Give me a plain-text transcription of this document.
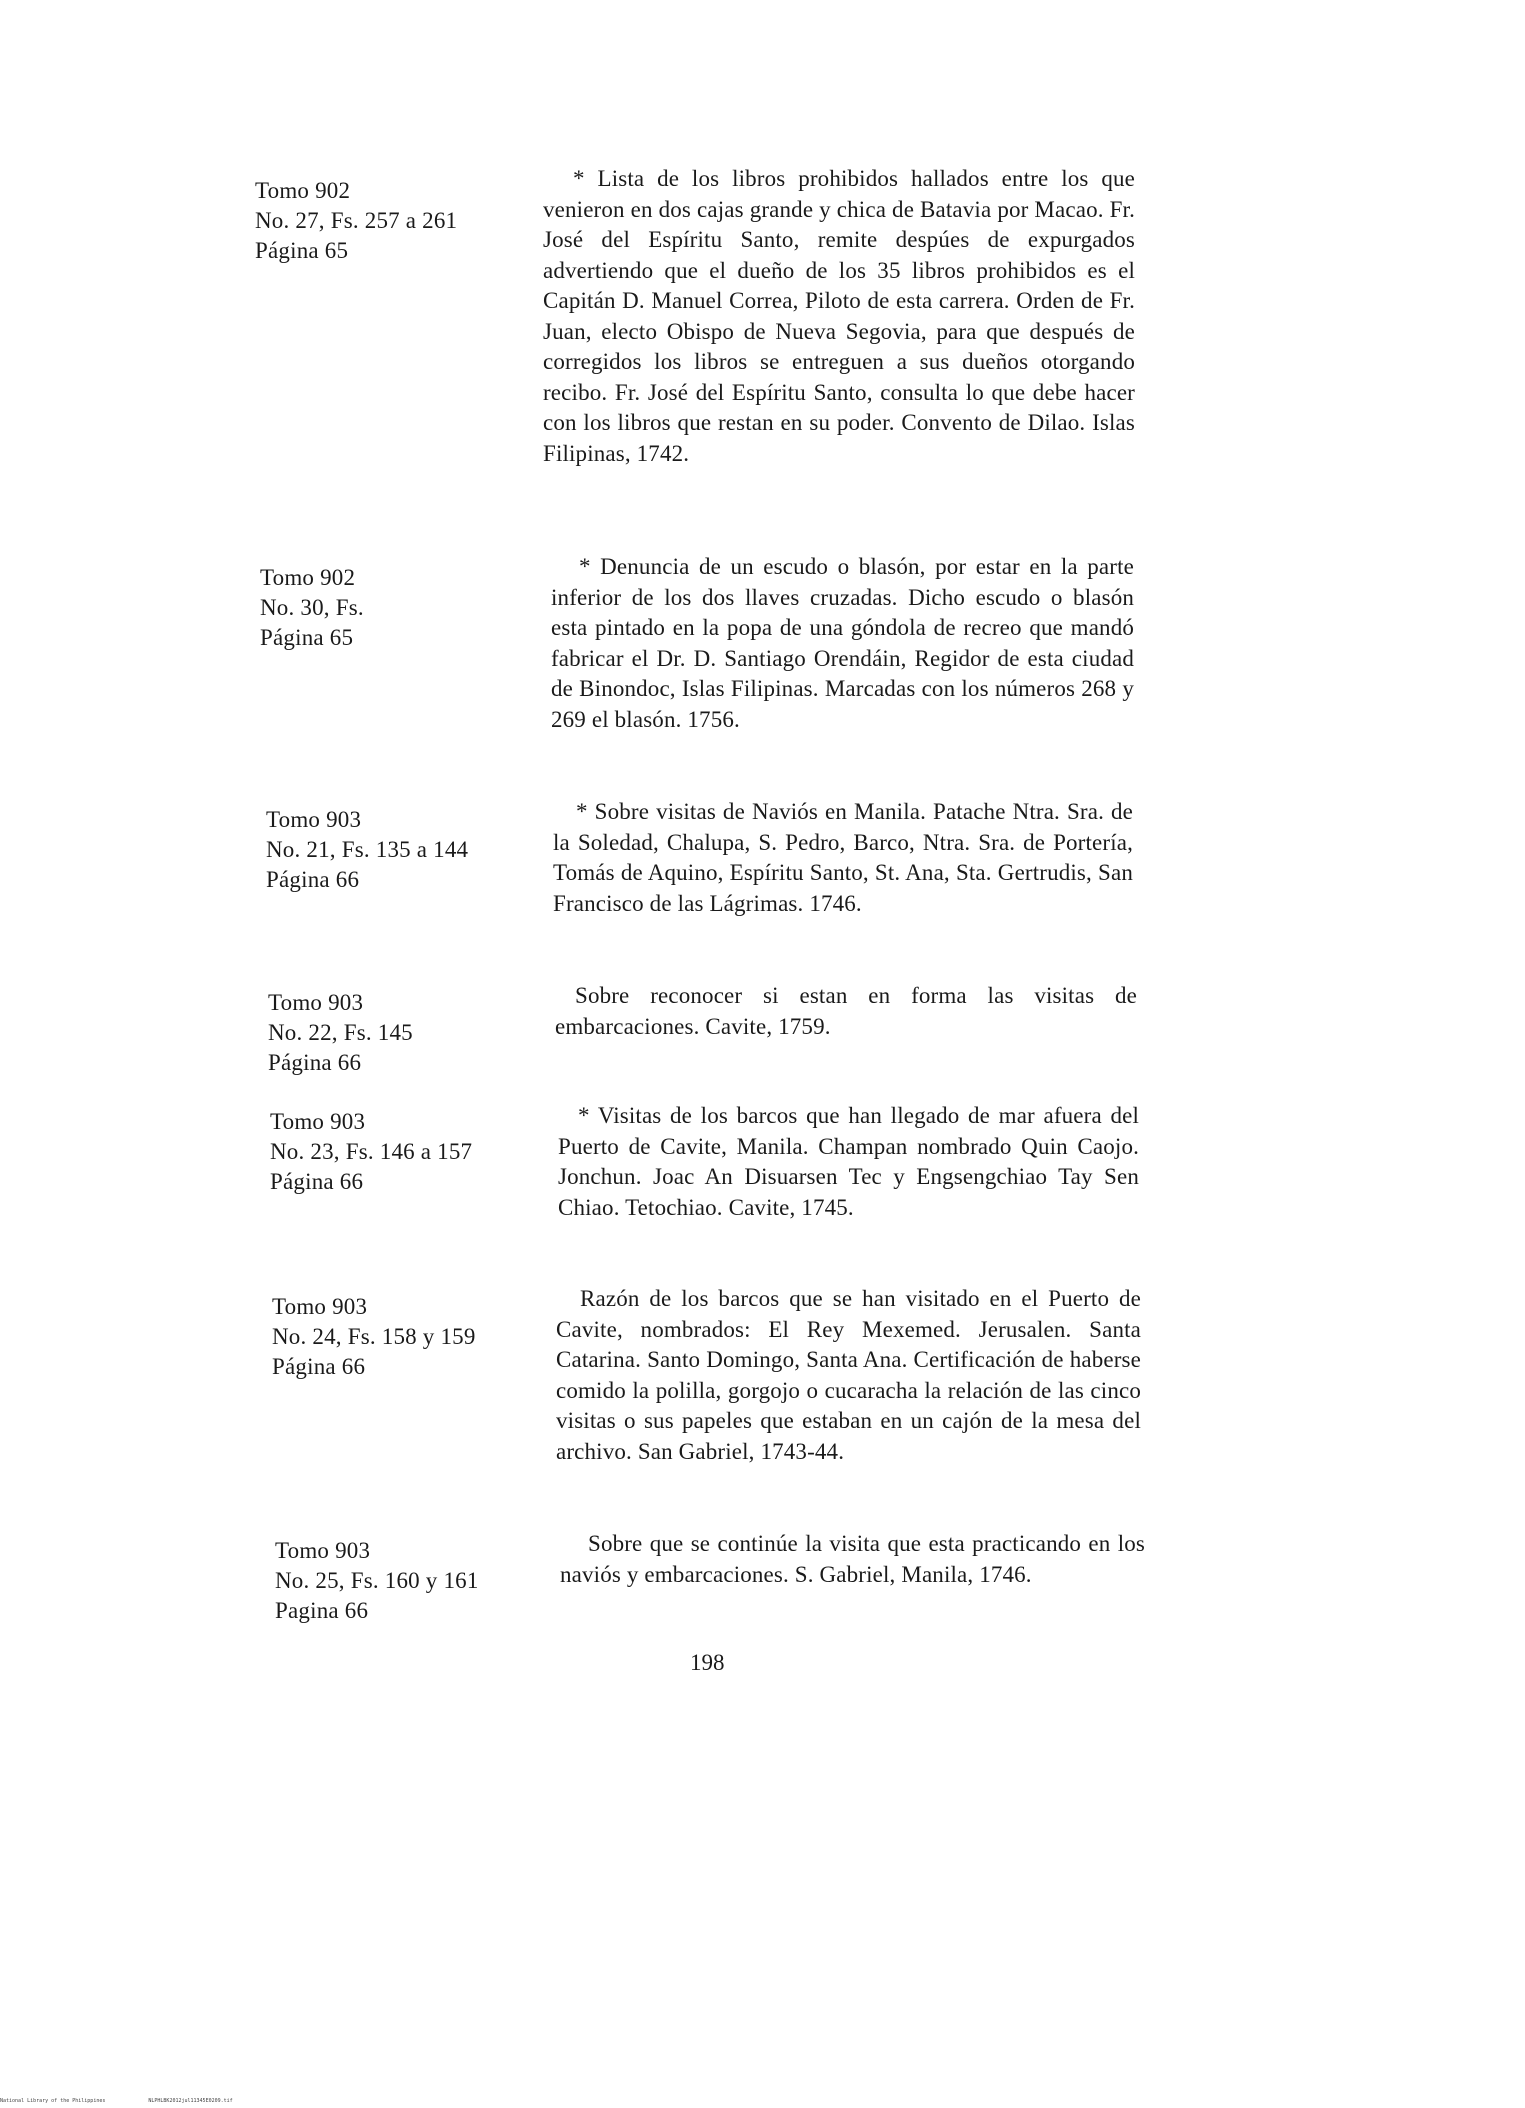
Tomo 902
No. 27, Fs. 257 a 261
Página 65
* Lista de los libros prohibidos hallados entre los que venieron en dos cajas grande y chica de Batavia por Macao. Fr. José del Espíritu Santo, remite despúes de expurgados advertiendo que el dueño de los 35 libros prohibidos es el Capitán D. Manuel Correa, Piloto de esta carrera. Orden de Fr. Juan, electo Obispo de Nueva Segovia, para que después de corregidos los libros se entreguen a sus dueños otorgando recibo. Fr. José del Espíritu Santo, consulta lo que debe hacer con los libros que restan en su poder. Convento de Dilao. Islas Filipinas, 1742.
Tomo 902
No. 30, Fs.
Página 65
* Denuncia de un escudo o blasón, por estar en la parte inferior de los dos llaves cruzadas. Dicho escudo o blasón esta pintado en la popa de una góndola de recreo que mandó fabricar el Dr. D. Santiago Orendáin, Regidor de esta ciudad de Binondoc, Islas Filipinas. Marcadas con los números 268 y 269 el blasón. 1756.
Tomo 903
No. 21, Fs. 135 a 144
Página 66
* Sobre visitas de Naviós en Manila. Patache Ntra. Sra. de la Soledad, Chalupa, S. Pedro, Barco, Ntra. Sra. de Portería, Tomás de Aquino, Espíritu Santo, St. Ana, Sta. Gertrudis, San Francisco de las Lágrimas. 1746.
Tomo 903
No. 22, Fs. 145
Página 66
Sobre reconocer si estan en forma las visitas de embarcaciones. Cavite, 1759.
Tomo 903
No. 23, Fs. 146 a 157
Página 66
* Visitas de los barcos que han llegado de mar afuera del Puerto de Cavite, Manila. Champan nombrado Quin Caojo. Jonchun. Joac An Disuarsen Tec y Engsengchiao Tay Sen Chiao. Tetochiao. Cavite, 1745.
Tomo 903
No. 24, Fs. 158 y 159
Página 66
Razón de los barcos que se han visitado en el Puerto de Cavite, nombrados: El Rey Mexemed. Jerusalen. Santa Catarina. Santo Domingo, Santa Ana. Certificación de haberse comido la polilla, gorgojo o cucaracha la relación de las cinco visitas o sus papeles que estaban en un cajón de la mesa del archivo. San Gabriel, 1743-44.
Tomo 903
No. 25, Fs. 160 y 161
Pagina 66
Sobre que se continúe la visita que esta practicando en los naviós y embarcaciones. S. Gabriel, Manila, 1746.
198
National Library of the Philippines	NLPHLBK2012jul11345E0209.tif
